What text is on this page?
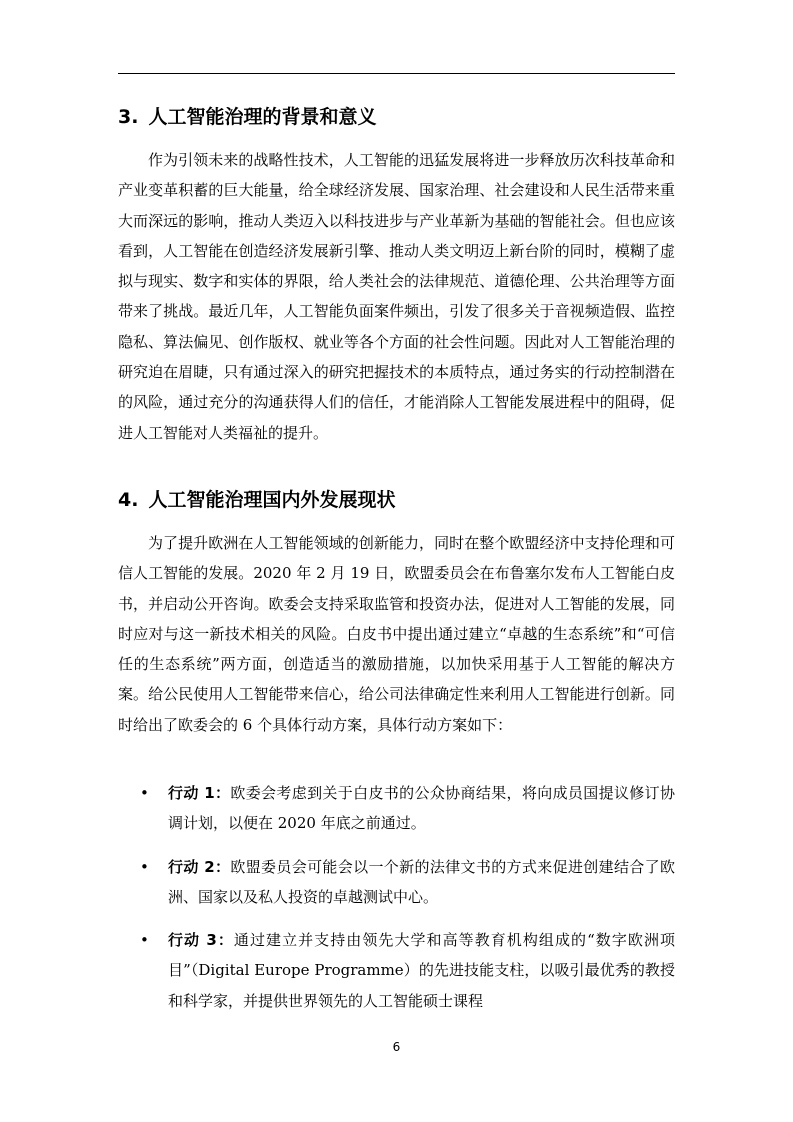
3. 人工智能治理的背景和意义

作为引领未来的战略性技术，人工智能的迅猛发展将进一步释放历次科技革命和产业变革积蓄的巨大能量，给全球经济发展、国家治理、社会建设和人民生活带来重大而深远的影响，推动人类迈入以科技进步与产业革新为基础的智能社会。但也应该看到，人工智能在创造经济发展新引擎、推动人类文明迈上新台阶的同时，模糊了虚拟与现实、数字和实体的界限，给人类社会的法律规范、道德伦理、公共治理等方面带来了挑战。最近几年，人工智能负面案件频出，引发了很多关于音视频造假、监控隐私、算法偏见、创作版权、就业等各个方面的社会性问题。因此对人工智能治理的研究迫在眉睫，只有通过深入的研究把握技术的本质特点，通过务实的行动控制潜在的风险，通过充分的沟通获得人们的信任，才能消除人工智能发展进程中的阻碍，促进人工智能对人类福祉的提升。

4. 人工智能治理国内外发展现状

为了提升欧洲在人工智能领域的创新能力，同时在整个欧盟经济中支持伦理和可信人工智能的发展。2020 年 2 月 19 日，欧盟委员会在布鲁塞尔发布人工智能白皮书，并启动公开咨询。欧委会支持采取监管和投资办法，促进对人工智能的发展，同时应对与这一新技术相关的风险。白皮书中提出通过建立“卓越的生态系统”和“可信任的生态系统”两方面，创造适当的激励措施，以加快采用基于人工智能的解决方案。给公民使用人工智能带来信心，给公司法律确定性来利用人工智能进行创新。同时给出了欧委会的 6 个具体行动方案，具体行动方案如下：

• 行动 1：欧委会考虑到关于白皮书的公众协商结果，将向成员国提议修订协调计划，以便在 2020 年底之前通过。
• 行动 2：欧盟委员会可能会以一个新的法律文书的方式来促进创建结合了欧洲、国家以及私人投资的卓越测试中心。
• 行动 3：通过建立并支持由领先大学和高等教育机构组成的“数字欧洲项目”（Digital Europe Programme）的先进技能支柱，以吸引最优秀的教授和科学家，并提供世界领先的人工智能硕士课程
6
